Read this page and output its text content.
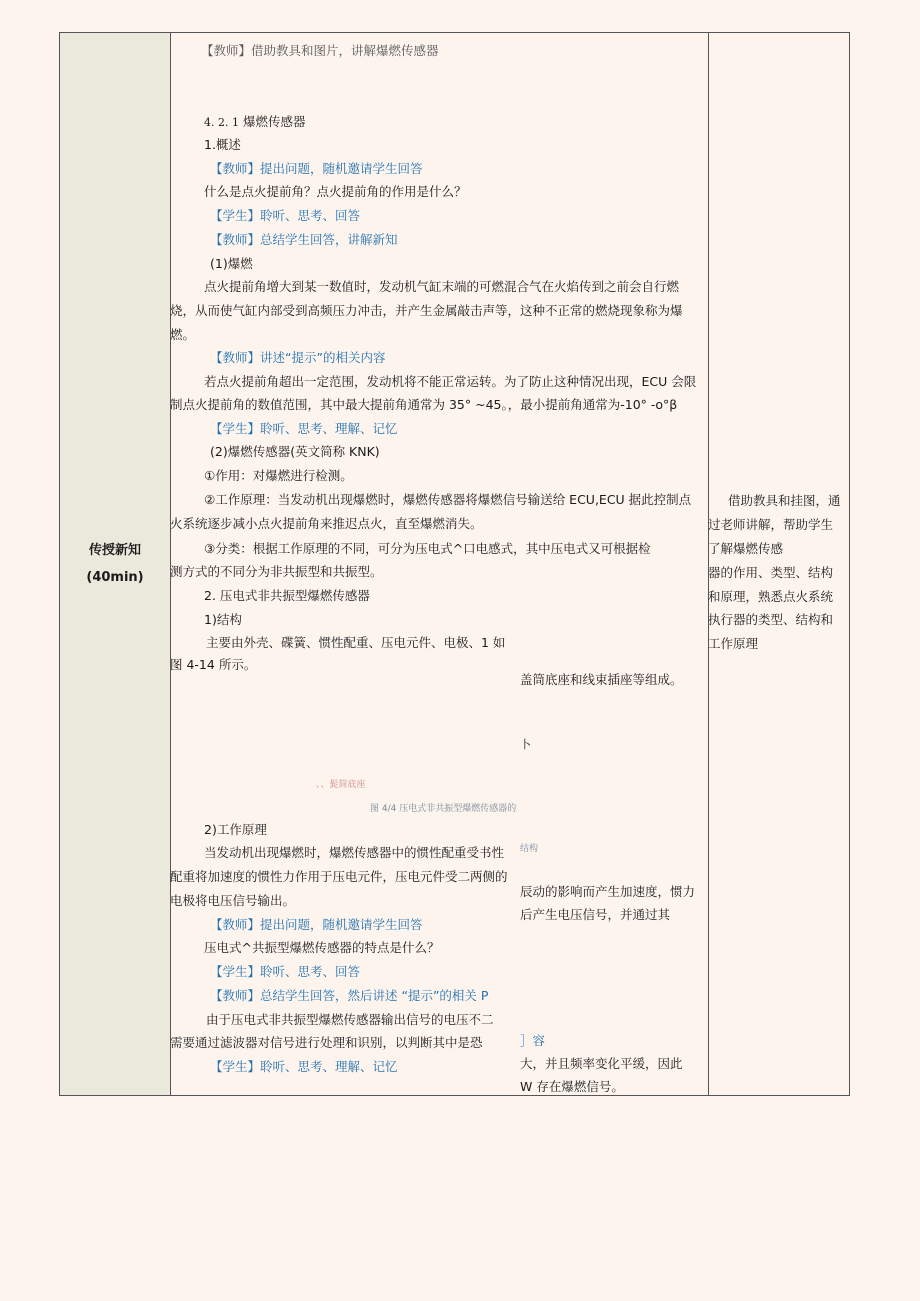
传授新知
(40min)
【教师】借助教具和图片，讲解爆燃传感器
4. 2. 1 爆燃传感器
1.概述
【教师】提出问题，随机邀请学生回答
什么是点火提前角？点火提前角的作用是什么？
【学生】聆听、思考、回答
【教师】总结学生回答，讲解新知
(1)爆燃
点火提前角增大到某一数值时，发动机气缸末端的可燃混合气在火焰传到之前会自行燃
烧，从而使气缸内部受到高频压力冲击，并产生金属敲击声等，这种不正常的燃烧现象称为爆
燃。
【教师】讲述“提示”的相关内容
若点火提前角超出一定范围，发动机将不能正常运转。为了防止这种情况出现，ECU 会限
制点火提前角的数值范围，其中最大提前角通常为 35° ~45。，最小提前角通常为-10° -o°β
【学生】聆听、思考、理解、记忆
(2)爆燃传感器(英文简称 KNK)
①作用：对爆燃进行检测。
②工作原理：当发动机出现爆燃时，爆燃传感器将爆燃信号输送给 ECU,ECU 据此控制点
火系统逐步减小点火提前角来推迟点火，直至爆燃消失。
③分类：根据工作原理的不同，可分为压电式^口电感式，其中压电式又可根据检
测方式的不同分为非共振型和共振型。
2. 压电式非共振型爆燃传感器
1)结构
主要由外壳、碟簧、惯性配重、压电元件、电极、1 如
图 4-14 所示。
盖筒底座和线束插座等组成。
卜
、、髭简底座
图 4/4 压电式非共振型爆燃传感器的
结构
2)工作原理
当发动机出现爆燃时，爆燃传感器中的惯性配重受书性
配重将加速度的惯性力作用于压电元件，压电元件受二两侧的
电极将电压信号输出。
辰动的影响而产生加速度，惯力
后产生电压信号，并通过其
【教师】提出问题，随机邀请学生回答
压电式^共振型爆燃传感器的特点是什么？
【学生】聆听、思考、回答
【教师】总结学生回答，然后讲述 “提示”的相关 P
由于压电式非共振型爆燃传感器输出信号的电压不二
需要通过滤波器对信号进行处理和识别，以判断其中是恐
【学生】聆听、思考、理解、记忆
］容
大，并且频率变化平缓，因此
W 存在爆燃信号。
借助教具和挂图，通
过老师讲解，帮助学生
了解爆燃传感
器的作用、类型、结构
和原理，熟悉点火系统
执行器的类型、结构和
工作原理
